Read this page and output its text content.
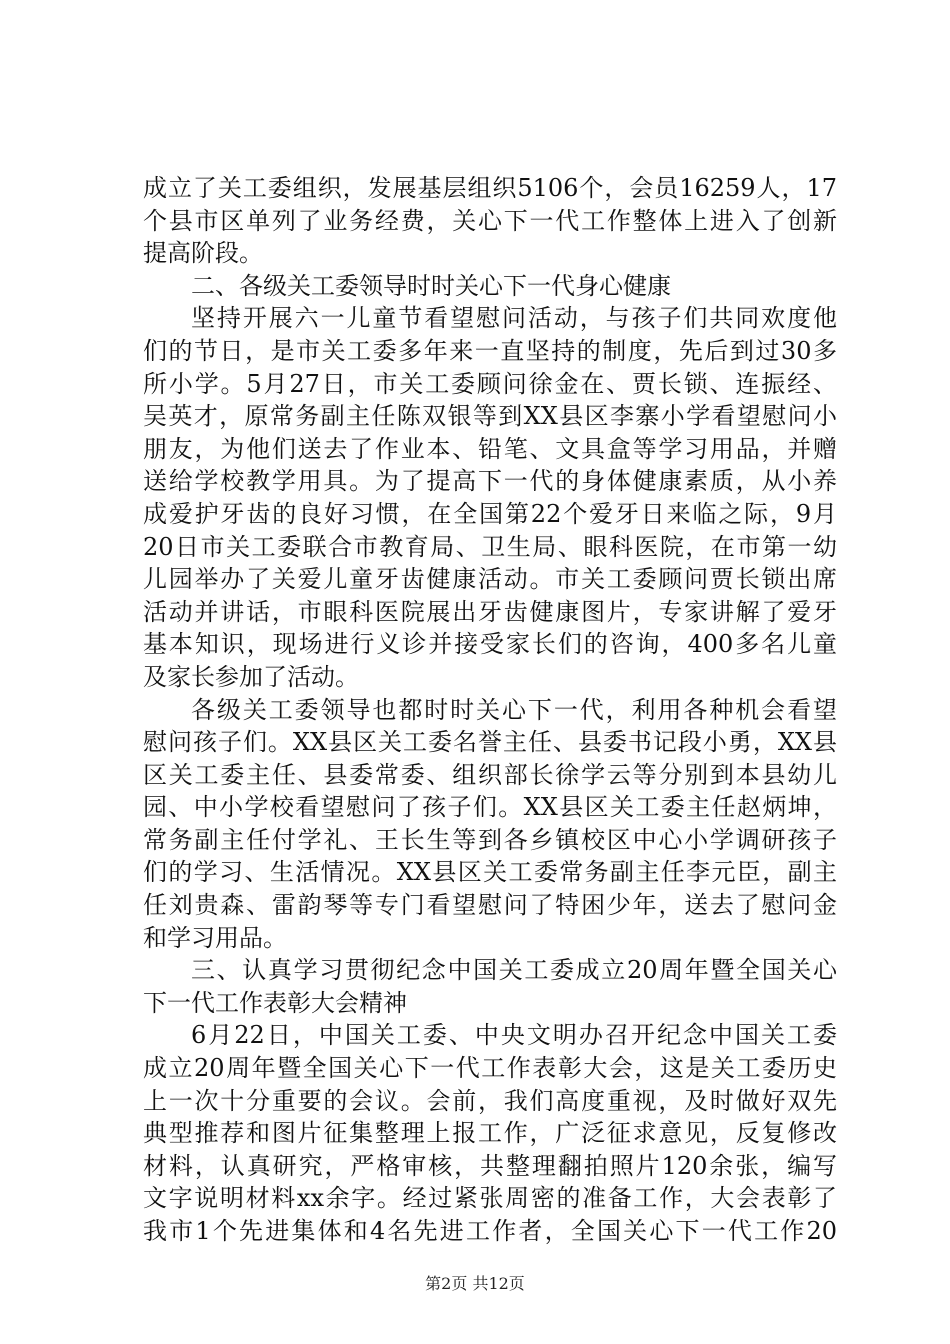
成立了关工委组织，发展基层组织5106个，会员16259人，17
个县市区单列了业务经费，关心下一代工作整体上进入了创新
提高阶段。
二、各级关工委领导时时关心下一代身心健康
坚持开展六一儿童节看望慰问活动，与孩子们共同欢度他
们的节日，是市关工委多年来一直坚持的制度，先后到过30多
所小学。5月27日，市关工委顾问徐金在、贾长锁、连振经、
吴英才，原常务副主任陈双银等到XX县区李寨小学看望慰问小
朋友，为他们送去了作业本、铅笔、文具盒等学习用品，并赠
送给学校教学用具。为了提高下一代的身体健康素质，从小养
成爱护牙齿的良好习惯，在全国第22个爱牙日来临之际，9月
20日市关工委联合市教育局、卫生局、眼科医院，在市第一幼
儿园举办了关爱儿童牙齿健康活动。市关工委顾问贾长锁出席
活动并讲话，市眼科医院展出牙齿健康图片，专家讲解了爱牙
基本知识，现场进行义诊并接受家长们的咨询，400多名儿童
及家长参加了活动。
各级关工委领导也都时时关心下一代，利用各种机会看望
慰问孩子们。XX县区关工委名誉主任、县委书记段小勇，XX县
区关工委主任、县委常委、组织部长徐学云等分别到本县幼儿
园、中小学校看望慰问了孩子们。XX县区关工委主任赵炳坤，
常务副主任付学礼、王长生等到各乡镇校区中心小学调研孩子
们的学习、生活情况。XX县区关工委常务副主任李元臣，副主
任刘贵森、雷韵琴等专门看望慰问了特困少年，送去了慰问金
和学习用品。
三、认真学习贯彻纪念中国关工委成立20周年暨全国关心
下一代工作表彰大会精神
6月22日，中国关工委、中央文明办召开纪念中国关工委
成立20周年暨全国关心下一代工作表彰大会，这是关工委历史
上一次十分重要的会议。会前，我们高度重视，及时做好双先
典型推荐和图片征集整理上报工作，广泛征求意见，反复修改
材料，认真研究，严格审核，共整理翻拍照片120余张，编写
文字说明材料xx余字。经过紧张周密的准备工作，大会表彰了
我市1个先进集体和4名先进工作者，全国关心下一代工作20
第2页 共12页
